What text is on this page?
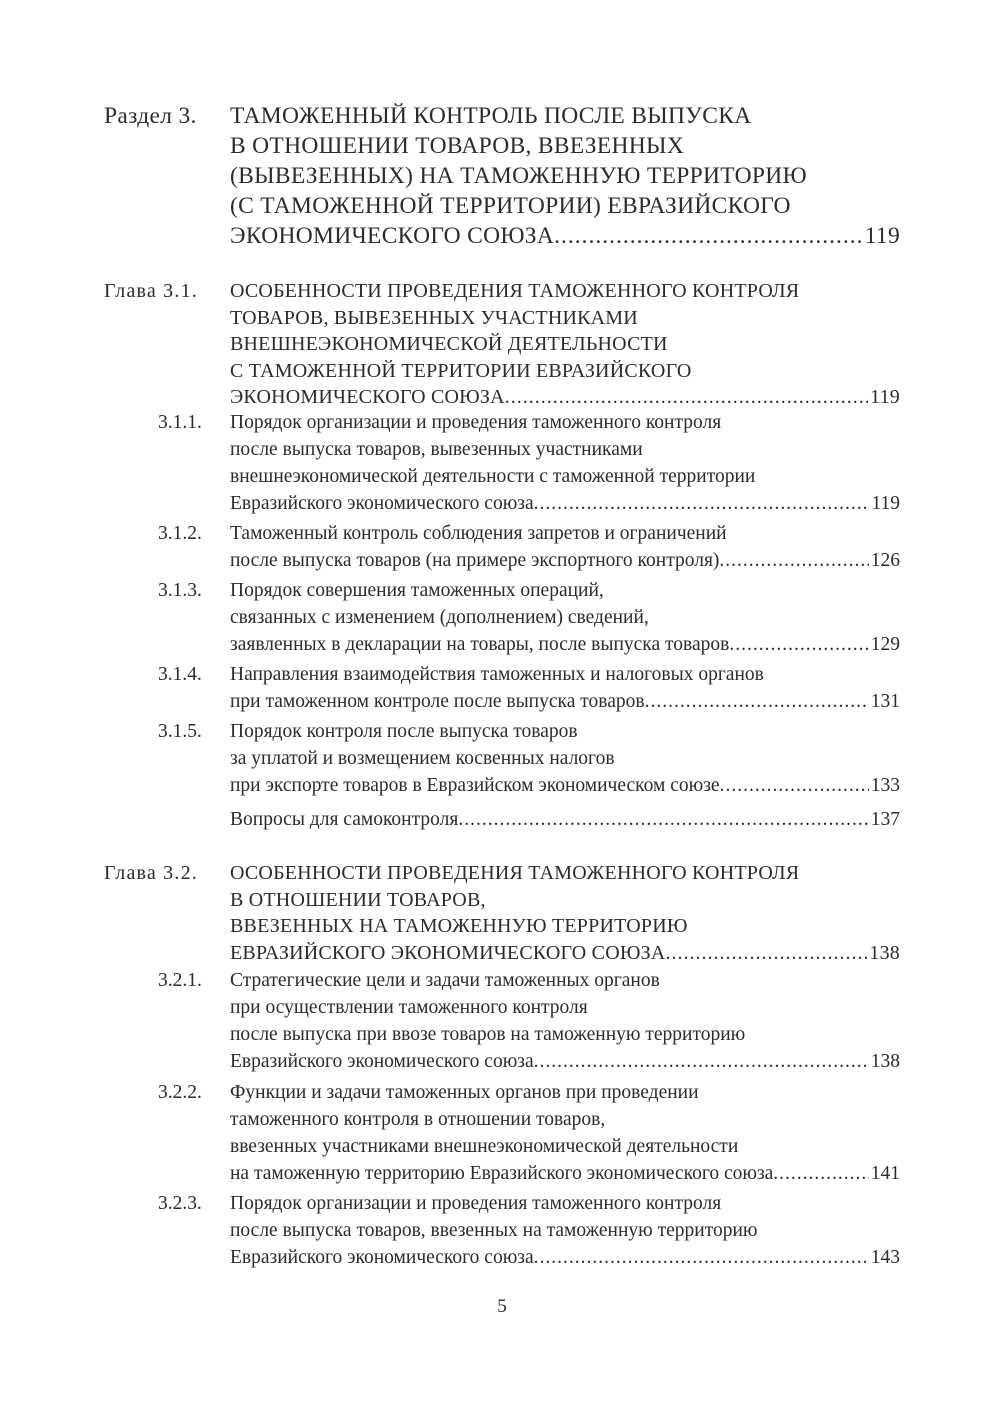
Раздел 3. ТАМОЖЕННЫЙ КОНТРОЛЬ ПОСЛЕ ВЫПУСКА
В ОТНОШЕНИИ ТОВАРОВ, ВВЕЗЕННЫХ
(ВЫВЕЗЕННЫХ) НА ТАМОЖЕННУЮ ТЕРРИТОРИЮ
(С ТАМОЖЕННОЙ ТЕРРИТОРИИ) ЕВРАЗИЙСКОГО
ЭКОНОМИЧЕСКОГО СОЮЗА .....	119
Глава 3.1. ОСОБЕННОСТИ ПРОВЕДЕНИЯ ТАМОЖЕННОГО КОНТРОЛЯ
ТОВАРОВ, ВЫВЕЗЕННЫХ УЧАСТНИКАМИ
ВНЕШНЕЭКОНОМИЧЕСКОЙ ДЕЯТЕЛЬНОСТИ
С ТАМОЖЕННОЙ ТЕРРИТОРИИ ЕВРАЗИЙСКОГО
ЭКОНОМИЧЕСКОГО СОЮЗА .....	119
3.1.1. Порядок организации и проведения таможенного контроля
после выпуска товаров, вывезенных участниками
внешнеэкономической деятельности с таможенной территории
Евразийского экономического союза .....	119
3.1.2. Таможенный контроль соблюдения запретов и ограничений
после выпуска товаров (на примере экспортного контроля) .....	126
3.1.3. Порядок совершения таможенных операций,
связанных с изменением (дополнением) сведений,
заявленных в декларации на товары, после выпуска товаров .....	129
3.1.4. Направления взаимодействия таможенных и налоговых органов
при таможенном контроле после выпуска товаров .....	131
3.1.5. Порядок контроля после выпуска товаров
за уплатой и возмещением косвенных налогов
при экспорте товаров в Евразийском экономическом союзе .....	133
Вопросы для самоконтроля .....	137
Глава 3.2. ОСОБЕННОСТИ ПРОВЕДЕНИЯ ТАМОЖЕННОГО КОНТРОЛЯ
В ОТНОШЕНИИ ТОВАРОВ,
ВВЕЗЕННЫХ НА ТАМОЖЕННУЮ ТЕРРИТОРИЮ
ЕВРАЗИЙСКОГО ЭКОНОМИЧЕСКОГО СОЮЗА .....	138
3.2.1. Стратегические цели и задачи таможенных органов
при осуществлении таможенного контроля
после выпуска при ввозе товаров на таможенную территорию
Евразийского экономического союза .....	138
3.2.2. Функции и задачи таможенных органов при проведении
таможенного контроля в отношении товаров,
ввезенных участниками внешнеэкономической деятельности
на таможенную территорию Евразийского экономического союза .....	141
3.2.3. Порядок организации и проведения таможенного контроля
после выпуска товаров, ввезенных на таможенную территорию
Евразийского экономического союза .....	143
5
